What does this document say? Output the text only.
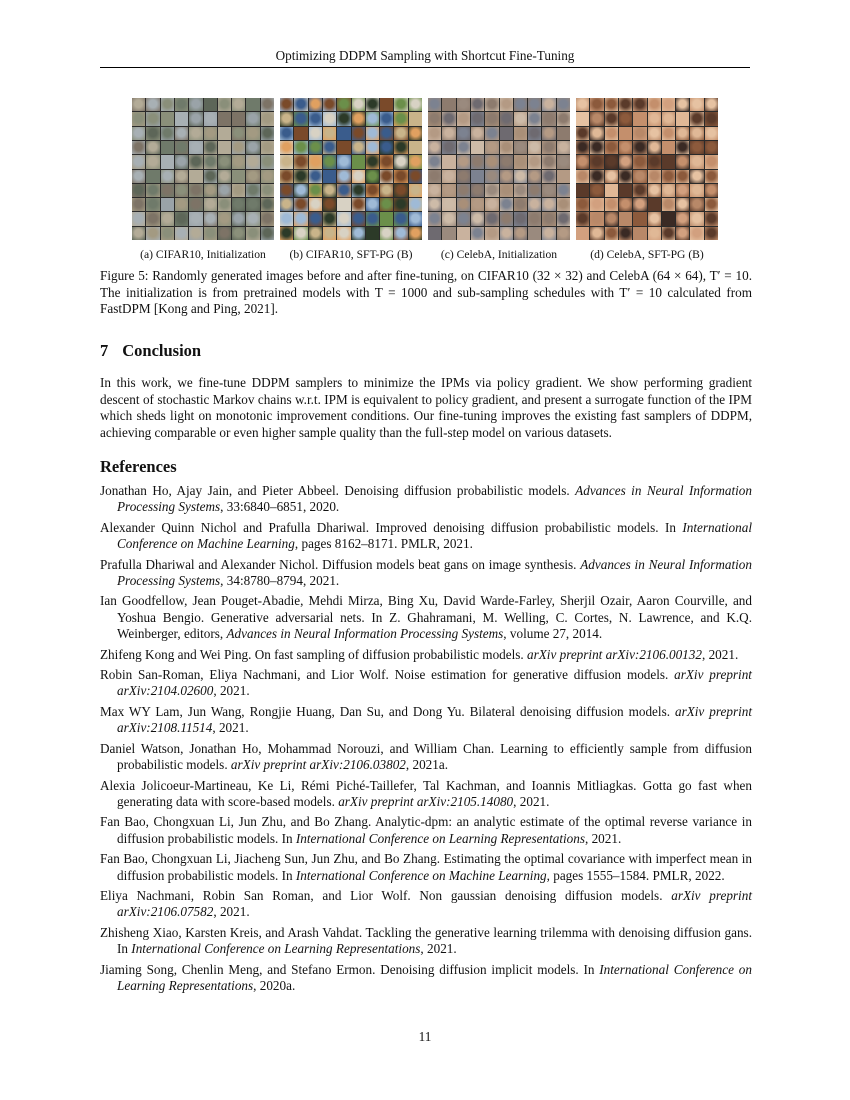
Optimizing DDPM Sampling with Shortcut Fine-Tuning
(a) CIFAR10, Initialization	(b) CIFAR10, SFT-PG (B)	(c) CelebA, Initialization	(d) CelebA, SFT-PG (B)
Figure 5: Randomly generated images before and after fine-tuning, on CIFAR10 (32 × 32) and CelebA (64 × 64), T′ = 10. The initialization is from pretrained models with T = 1000 and sub-sampling schedules with T′ = 10 calculated from FastDPM [Kong and Ping, 2021].
7 Conclusion
In this work, we fine-tune DDPM samplers to minimize the IPMs via policy gradient. We show performing gradient descent of stochastic Markov chains w.r.t. IPM is equivalent to policy gradient, and present a surrogate function of the IPM which sheds light on monotonic improvement conditions. Our fine-tuning improves the existing fast samplers of DDPM, achieving comparable or even higher sample quality than the full-step model on various datasets.
References
Jonathan Ho, Ajay Jain, and Pieter Abbeel. Denoising diffusion probabilistic models. Advances in Neural Information Processing Systems, 33:6840–6851, 2020.
Alexander Quinn Nichol and Prafulla Dhariwal. Improved denoising diffusion probabilistic models. In International Conference on Machine Learning, pages 8162–8171. PMLR, 2021.
Prafulla Dhariwal and Alexander Nichol. Diffusion models beat gans on image synthesis. Advances in Neural Information Processing Systems, 34:8780–8794, 2021.
Ian Goodfellow, Jean Pouget-Abadie, Mehdi Mirza, Bing Xu, David Warde-Farley, Sherjil Ozair, Aaron Courville, and Yoshua Bengio. Generative adversarial nets. In Z. Ghahramani, M. Welling, C. Cortes, N. Lawrence, and K.Q. Weinberger, editors, Advances in Neural Information Processing Systems, volume 27, 2014.
Zhifeng Kong and Wei Ping. On fast sampling of diffusion probabilistic models. arXiv preprint arXiv:2106.00132, 2021.
Robin San-Roman, Eliya Nachmani, and Lior Wolf. Noise estimation for generative diffusion models. arXiv preprint arXiv:2104.02600, 2021.
Max WY Lam, Jun Wang, Rongjie Huang, Dan Su, and Dong Yu. Bilateral denoising diffusion models. arXiv preprint arXiv:2108.11514, 2021.
Daniel Watson, Jonathan Ho, Mohammad Norouzi, and William Chan. Learning to efficiently sample from diffusion probabilistic models. arXiv preprint arXiv:2106.03802, 2021a.
Alexia Jolicoeur-Martineau, Ke Li, Rémi Piché-Taillefer, Tal Kachman, and Ioannis Mitliagkas. Gotta go fast when generating data with score-based models. arXiv preprint arXiv:2105.14080, 2021.
Fan Bao, Chongxuan Li, Jun Zhu, and Bo Zhang. Analytic-dpm: an analytic estimate of the optimal reverse variance in diffusion probabilistic models. In International Conference on Learning Representations, 2021.
Fan Bao, Chongxuan Li, Jiacheng Sun, Jun Zhu, and Bo Zhang. Estimating the optimal covariance with imperfect mean in diffusion probabilistic models. In International Conference on Machine Learning, pages 1555–1584. PMLR, 2022.
Eliya Nachmani, Robin San Roman, and Lior Wolf. Non gaussian denoising diffusion models. arXiv preprint arXiv:2106.07582, 2021.
Zhisheng Xiao, Karsten Kreis, and Arash Vahdat. Tackling the generative learning trilemma with denoising diffusion gans. In International Conference on Learning Representations, 2021.
Jiaming Song, Chenlin Meng, and Stefano Ermon. Denoising diffusion implicit models. In International Conference on Learning Representations, 2020a.
11
